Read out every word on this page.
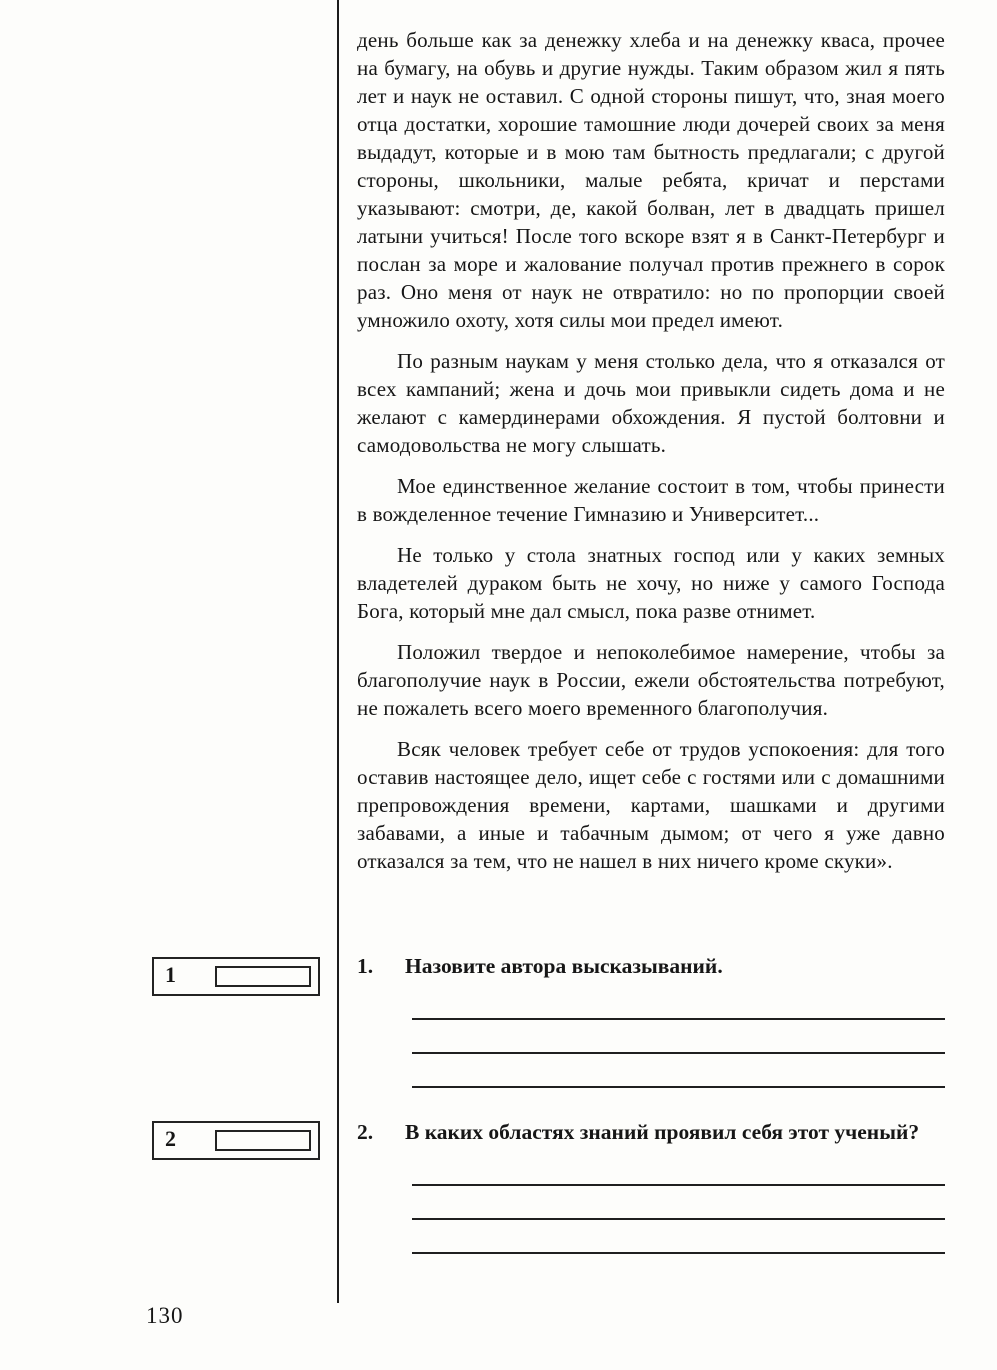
день больше как за денежку хлеба и на денежку кваса, прочее на бумагу, на обувь и другие нужды. Таким образом жил я пять лет и наук не оставил. С одной стороны пишут, что, зная моего отца достатки, хорошие тамошние люди дочерей своих за меня выдадут, которые и в мою там бытность предлагали; с другой стороны, школьники, малые ребята, кричат и перстами указывают: смотри, де, какой болван, лет в двадцать пришел латыни учиться! После того вскоре взят я в Санкт-Петербург и послан за море и жалование получал против прежнего в сорок раз. Оно меня от наук не отвратило: но по пропорции своей умножило охоту, хотя силы мои предел имеют.

По разным наукам у меня столько дела, что я отказался от всех кампаний; жена и дочь мои привыкли сидеть дома и не желают с камердинерами обхождения. Я пустой болтовни и самодовольства не могу слышать.

Мое единственное желание состоит в том, чтобы принести в вожделенное течение Гимназию и Университет...

Не только у стола знатных господ или у каких земных владетелей дураком быть не хочу, но ниже у самого Господа Бога, который мне дал смысл, пока разве отнимет.

Положил твердое и непоколебимое намерение, чтобы за благополучие наук в России, ежели обстоятельства потребуют, не пожалеть всего моего временного благополучия.

Всяк человек требует себе от трудов успокоения: для того оставив настоящее дело, ищет себе с гостями или с домашними препровождения времени, картами, шашками и другими забавами, а иные и табачным дымом; от чего я уже давно отказался за тем, что не нашел в них ничего кроме скуки».

1. Назовите автора высказываний.
2. В каких областях знаний проявил себя этот ученый?
1
2
130
